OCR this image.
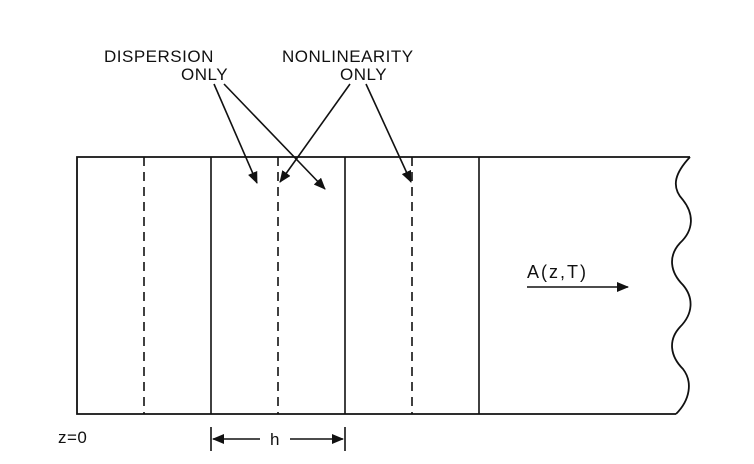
DISPERSION
ONLY
NONLINEARITY
ONLY
A(z,T)
z=0	h
